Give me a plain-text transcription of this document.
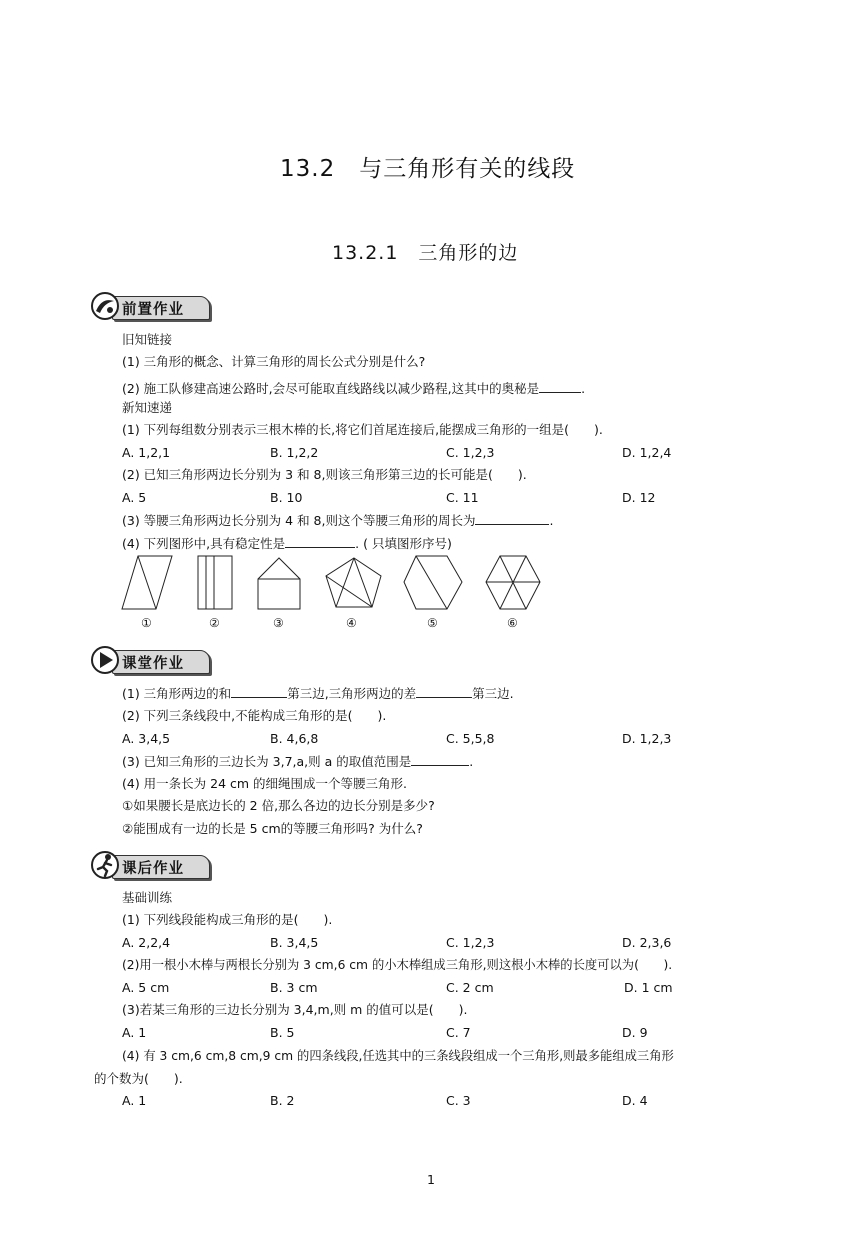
13.2　与三角形有关的线段
13.2.1　三角形的边
前置作业
旧知链接
(1) 三角形的概念、计算三角形的周长公式分别是什么?
(2) 施工队修建高速公路时,会尽可能取直线路线以减少路程,这其中的奥秘是	.
新知速递
(1) 下列每组数分别表示三根木棒的长,将它们首尾连接后,能摆成三角形的一组是(　　).
A. 1,2,1	B. 1,2,2	C. 1,2,3	D. 1,2,4
(2) 已知三角形两边长分别为 3 和 8,则该三角形第三边的长可能是(　　).
A. 5	B. 10	C. 11	D. 12
(3) 等腰三角形两边长分别为 4 和 8,则这个等腰三角形的周长为	.
(4) 下列图形中,具有稳定性是	. ( 只填图形序号)
①	②	③	④	⑤	⑥
课堂作业
(1) 三角形两边的和	第三边,三角形两边的差	第三边.
(2) 下列三条线段中,不能构成三角形的是(　　).
A. 3,4,5	B. 4,6,8	C. 5,5,8	D. 1,2,3
(3) 已知三角形的三边长为 3,7,a,则 a 的取值范围是	.
(4) 用一条长为 24 cm 的细绳围成一个等腰三角形.
①如果腰长是底边长的 2 倍,那么各边的边长分别是多少?
②能围成有一边的长是 5 cm的等腰三角形吗? 为什么?
课后作业
基础训练
(1) 下列线段能构成三角形的是(　　).
A. 2,2,4	B. 3,4,5	C. 1,2,3	D. 2,3,6
(2)用一根小木棒与两根长分别为 3 cm,6 cm 的小木棒组成三角形,则这根小木棒的长度可以为(　　).
A. 5 cm	B. 3 cm	C. 2 cm	D. 1 cm
(3)若某三角形的三边长分别为 3,4,m,则 m 的值可以是(　　).
A. 1	B. 5	C. 7	D. 9
(4) 有 3 cm,6 cm,8 cm,9 cm 的四条线段,任选其中的三条线段组成一个三角形,则最多能组成三角形
的个数为(　　).
A. 1	B. 2	C. 3	D. 4
1
